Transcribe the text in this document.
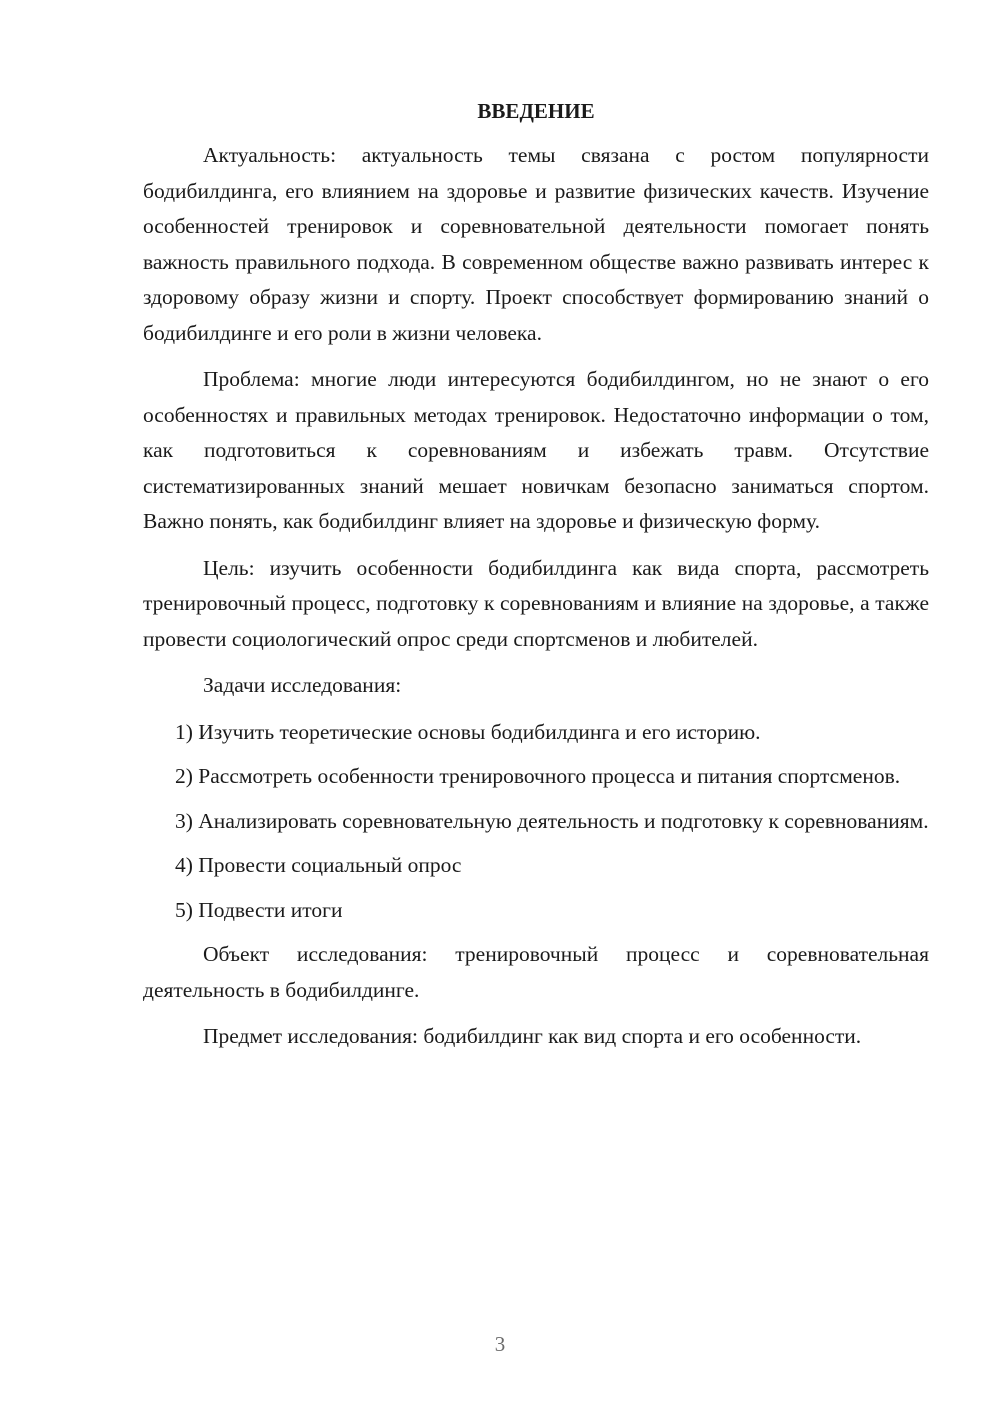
ВВЕДЕНИЕ

Актуальность: актуальность темы связана с ростом популярности бодибилдинга, его влиянием на здоровье и развитие физических качеств. Изучение особенностей тренировок и соревновательной деятельности помогает понять важность правильного подхода. В современном обществе важно развивать интерес к здоровому образу жизни и спорту. Проект способствует формированию знаний о бодибилдинге и его роли в жизни человека.

Проблема: многие люди интересуются бодибилдингом, но не знают о его особенностях и правильных методах тренировок. Недостаточно информации о том, как подготовиться к соревнованиям и избежать травм. Отсутствие систематизированных знаний мешает новичкам безопасно заниматься спортом. Важно понять, как бодибилдинг влияет на здоровье и физическую форму.

Цель: изучить особенности бодибилдинга как вида спорта, рассмотреть тренировочный процесс, подготовку к соревнованиям и влияние на здоровье, а также провести социологический опрос среди спортсменов и любителей.

Задачи исследования:

1) Изучить теоретические основы бодибилдинга и его историю.

2) Рассмотреть особенности тренировочного процесса и питания спортсменов.

3) Анализировать соревновательную деятельность и подготовку к соревнованиям.

4) Провести социальный опрос

5) Подвести итоги

Объект исследования: тренировочный процесс и соревновательная деятельность в бодибилдинге.

Предмет исследования: бодибилдинг как вид спорта и его особенности.

3
